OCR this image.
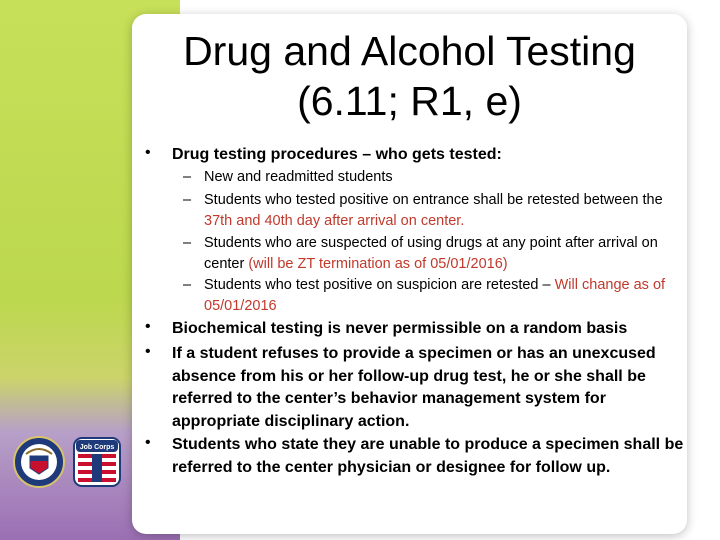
Drug and Alcohol Testing
(6.11; R1, e)
• Drug testing procedures – who gets tested:
– New and readmitted students
– Students who tested positive on entrance shall be retested between the 37th and 40th day after arrival on center.
– Students who are suspected of using drugs at any point after arrival on center (will be ZT termination as of 05/01/2016)
– Students who test positive on suspicion are retested – Will change as of 05/01/2016
• Biochemical testing is never permissible on a random basis
• If a student refuses to provide a specimen or has an unexcused absence from his or her follow-up drug test, he or she shall be referred to the center’s behavior management system for appropriate disciplinary action.
• Students who state they are unable to produce a specimen shall be referred to the center physician or designee for follow up.
Job Corps
